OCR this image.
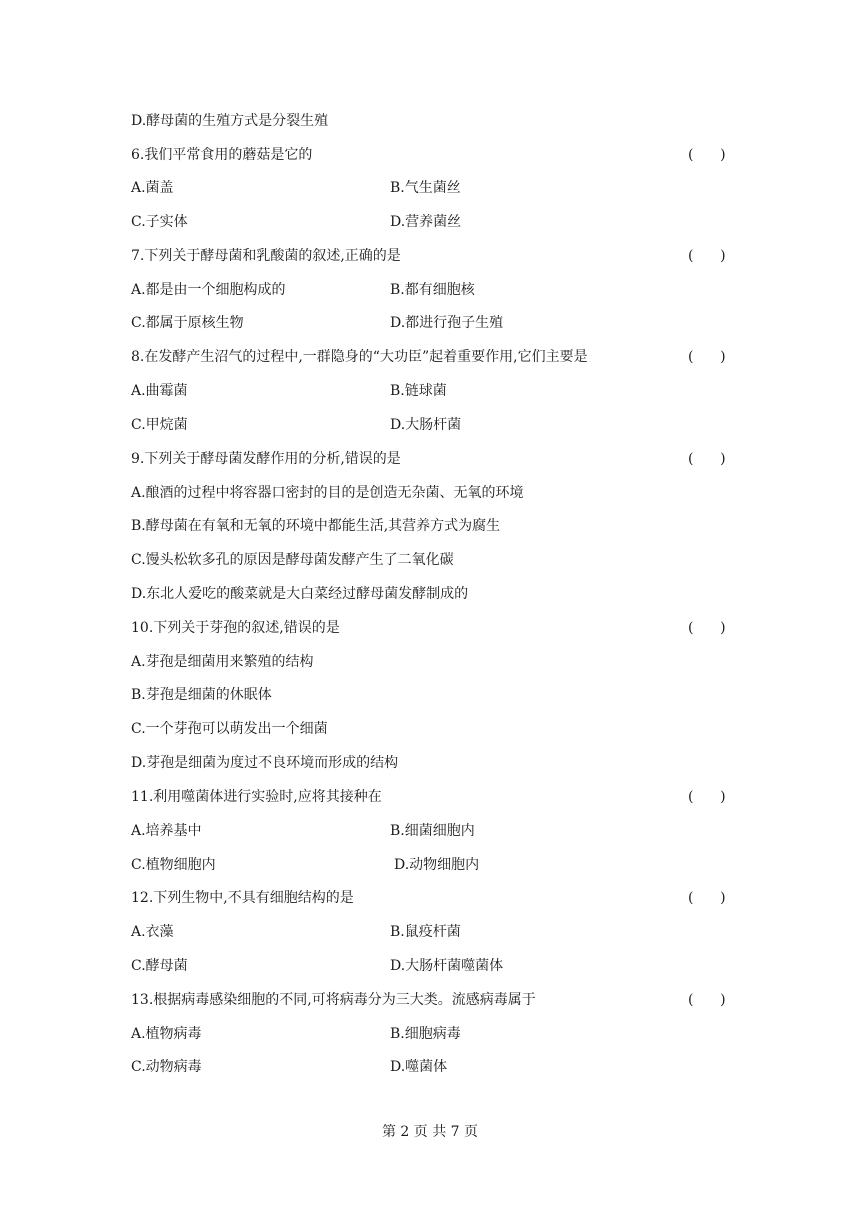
D.酵母菌的生殖方式是分裂生殖
6.我们平常食用的蘑菇是它的	(      )
A.菌盖	B.气生菌丝
C.子实体	D.营养菌丝
7.下列关于酵母菌和乳酸菌的叙述,正确的是	(      )
A.都是由一个细胞构成的	B.都有细胞核
C.都属于原核生物	D.都进行孢子生殖
8.在发酵产生沼气的过程中,一群隐身的“大功臣”起着重要作用,它们主要是	(      )
A.曲霉菌	B.链球菌
C.甲烷菌	D.大肠杆菌
9.下列关于酵母菌发酵作用的分析,错误的是	(      )
A.酿酒的过程中将容器口密封的目的是创造无杂菌、无氧的环境
B.酵母菌在有氧和无氧的环境中都能生活,其营养方式为腐生
C.馒头松软多孔的原因是酵母菌发酵产生了二氧化碳
D.东北人爱吃的酸菜就是大白菜经过酵母菌发酵制成的
10.下列关于芽孢的叙述,错误的是	(      )
A.芽孢是细菌用来繁殖的结构
B.芽孢是细菌的休眠体
C.一个芽孢可以萌发出一个细菌
D.芽孢是细菌为度过不良环境而形成的结构
11.利用噬菌体进行实验时,应将其接种在	(      )
A.培养基中	B.细菌细胞内
C.植物细胞内	D.动物细胞内
12.下列生物中,不具有细胞结构的是	(      )
A.衣藻	B.鼠疫杆菌
C.酵母菌	D.大肠杆菌噬菌体
13.根据病毒感染细胞的不同,可将病毒分为三大类。流感病毒属于	(      )
A.植物病毒	B.细胞病毒
C.动物病毒	D.噬菌体
第 2 页 共 7 页
